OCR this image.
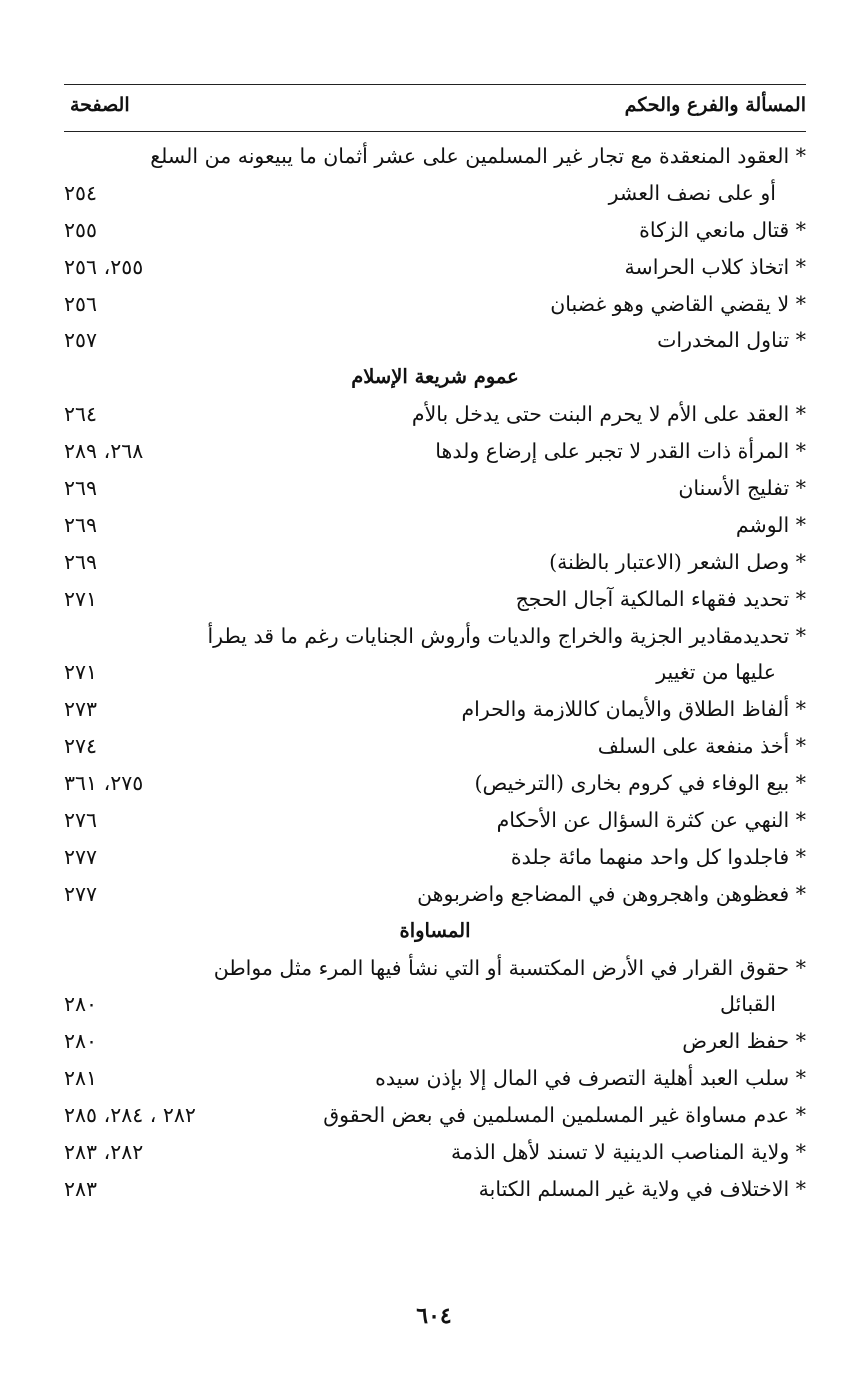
المسألة والفرع والحكم
الصفحة
* العقود المنعقدة مع تجار غير المسلمين على عشر أثمان ما يبيعونه من السلع
أو على نصف العشر
٢٥٤
* قتال مانعي الزكاة
٢٥٥
* اتخاذ كلاب الحراسة
٢٥٥، ٢٥٦
* لا يقضي القاضي وهو غضبان
٢٥٦
* تناول المخدرات
٢٥٧
عموم شريعة الإسلام
* العقد على الأم لا يحرم البنت حتى يدخل بالأم
٢٦٤
* المرأة ذات القدر لا تجبر على إرضاع ولدها
٢٦٨، ٢٨٩
* تفليج الأسنان
٢٦٩
* الوشم
٢٦٩
* وصل الشعر (الاعتبار بالظنة)
٢٦٩
* تحديد فقهاء المالكية آجال الحجج
٢٧١
* تحديدمقادير الجزية والخراج والديات وأروش الجنايات رغم ما قد يطرأ
عليها من تغيير
٢٧١
* ألفاظ الطلاق والأيمان كاللازمة والحرام
٢٧٣
* أخذ منفعة على السلف
٢٧٤
* بيع الوفاء في كروم بخارى (الترخيص)
٢٧٥، ٣٦١
* النهي عن كثرة السؤال عن الأحكام
٢٧٦
* فاجلدوا كل واحد منهما مائة جلدة
٢٧٧
* فعظوهن واهجروهن في المضاجع واضربوهن
٢٧٧
المساواة
* حقوق القرار في الأرض المكتسبة أو التي نشأ فيها المرء مثل مواطن
القبائل
٢٨٠
* حفظ العرض
٢٨٠
* سلب العبد أهلية التصرف في المال إلا بإذن سيده
٢٨١
* عدم مساواة غير المسلمين المسلمين في بعض الحقوق
٢٨٢ ، ٢٨٤، ٢٨٥
* ولاية المناصب الدينية لا تسند لأهل الذمة
٢٨٢، ٢٨٣
* الاختلاف في ولاية غير المسلم الكتابة
٢٨٣
٦٠٤
